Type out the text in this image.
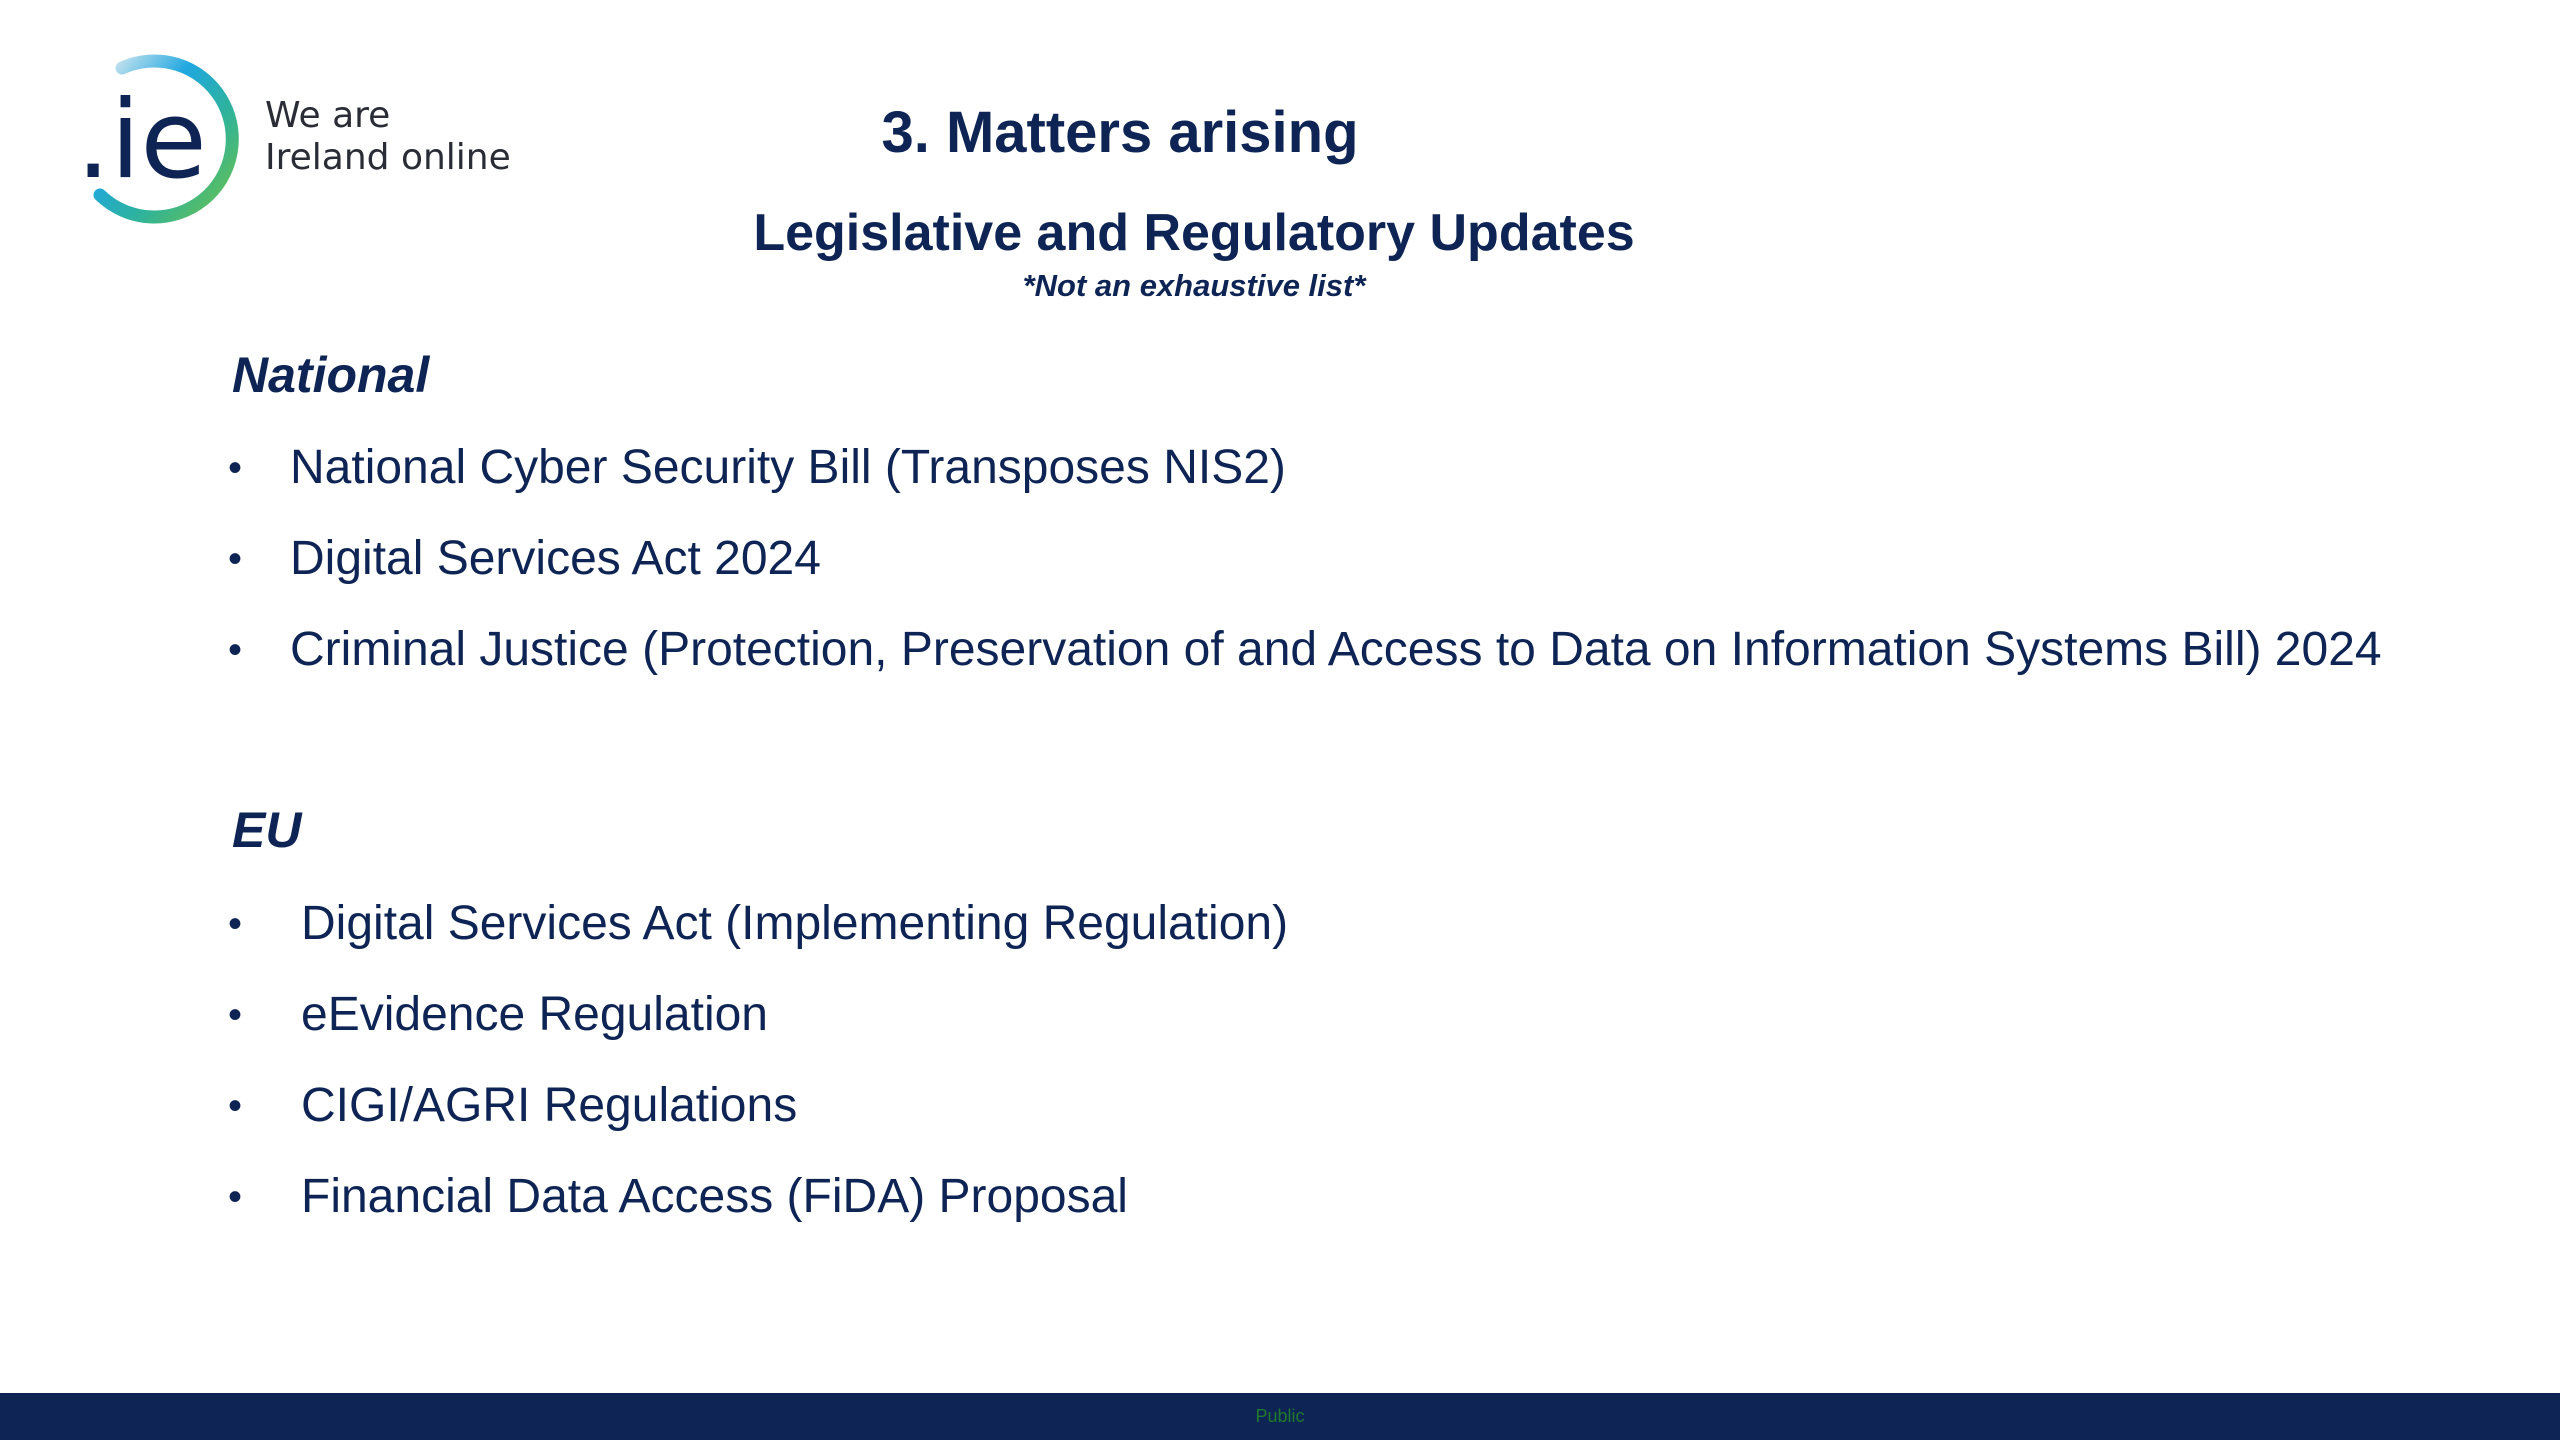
.ie We are
Ireland online	3. Matters arising
Legislative and Regulatory Updates
*Not an exhaustive list*
National
• National Cyber Security Bill (Transposes NIS2)
• Digital Services Act 2024
• Criminal Justice (Protection, Preservation of and Access to Data on Information Systems Bill) 2024
EU
• Digital Services Act (Implementing Regulation)
• eEvidence Regulation
• CIGI/AGRI Regulations
• Financial Data Access (FiDA) Proposal
Public
